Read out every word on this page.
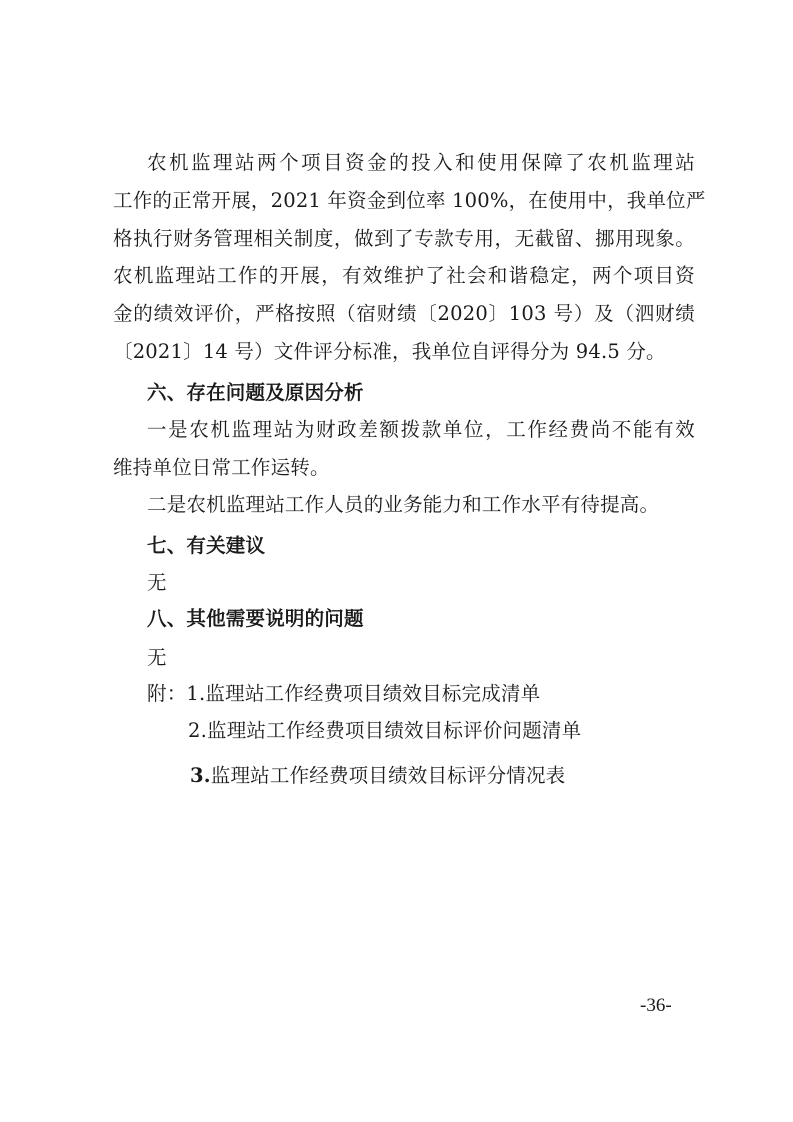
农机监理站两个项目资金的投入和使用保障了农机监理站
工作的正常开展，2021 年资金到位率 100%，在使用中，我单位严
格执行财务管理相关制度，做到了专款专用，无截留、挪用现象。
农机监理站工作的开展，有效维护了社会和谐稳定，两个项目资
金的绩效评价，严格按照（宿财绩〔2020〕103 号）及（泗财绩
〔2021〕14 号）文件评分标准，我单位自评得分为 94.5 分。
六、存在问题及原因分析
一是农机监理站为财政差额拨款单位，工作经费尚不能有效
维持单位日常工作运转。
二是农机监理站工作人员的业务能力和工作水平有待提高。
七、有关建议
无
八、其他需要说明的问题
无
附：1.监理站工作经费项目绩效目标完成清单
2.监理站工作经费项目绩效目标评价问题清单
3.监理站工作经费项目绩效目标评分情况表
-36-
